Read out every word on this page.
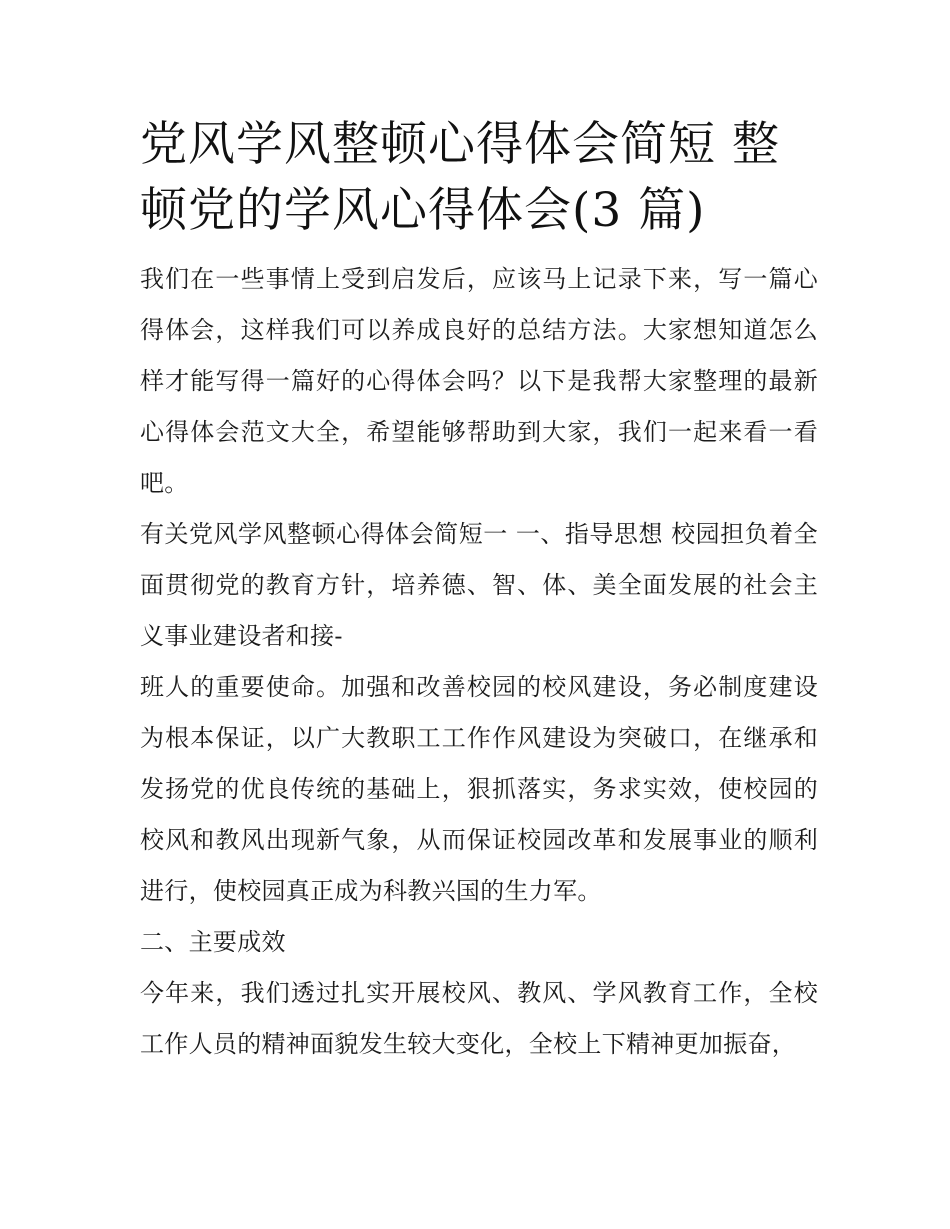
党风学风整顿心得体会简短 整顿党的学风心得体会(3 篇)

我们在一些事情上受到启发后，应该马上记录下来，写一篇心得体会，这样我们可以养成良好的总结方法。大家想知道怎么样才能写得一篇好的心得体会吗？以下是我帮大家整理的最新心得体会范文大全，希望能够帮助到大家，我们一起来看一看吧。

有关党风学风整顿心得体会简短一 一、指导思想 校园担负着全面贯彻党的教育方针，培养德、智、体、美全面发展的社会主义事业建设者和接-

班人的重要使命。加强和改善校园的校风建设，务必制度建设为根本保证，以广大教职工工作作风建设为突破口，在继承和发扬党的优良传统的基础上，狠抓落实，务求实效，使校园的校风和教风出现新气象，从而保证校园改革和发展事业的顺利进行，使校园真正成为科教兴国的生力军。

二、主要成效

今年来，我们透过扎实开展校风、教风、学风教育工作，全校工作人员的精神面貌发生较大变化，全校上下精神更加振奋，
